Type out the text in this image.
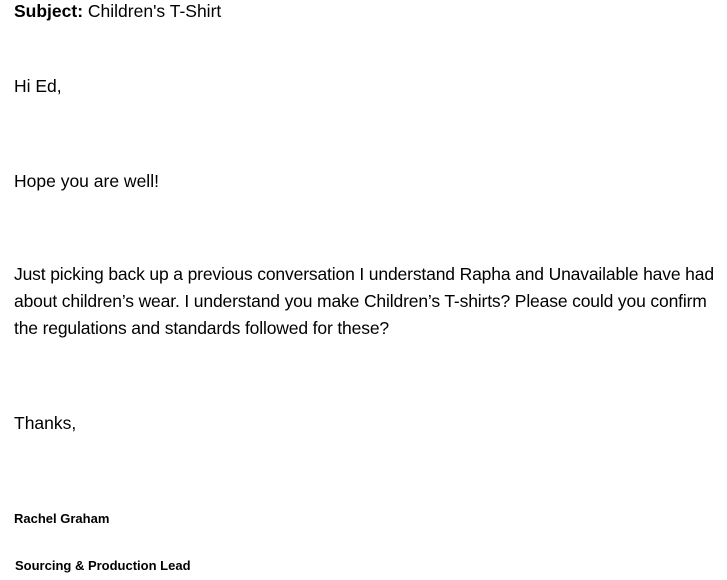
Subject: Children's T-Shirt

Hi Ed,

Hope you are well!

Just picking back up a previous conversation I understand Rapha and Unavailable have had about children’s wear. I understand you make Children’s T-shirts? Please could you confirm the regulations and standards followed for these?

Thanks,

Rachel Graham
Sourcing & Production Lead
